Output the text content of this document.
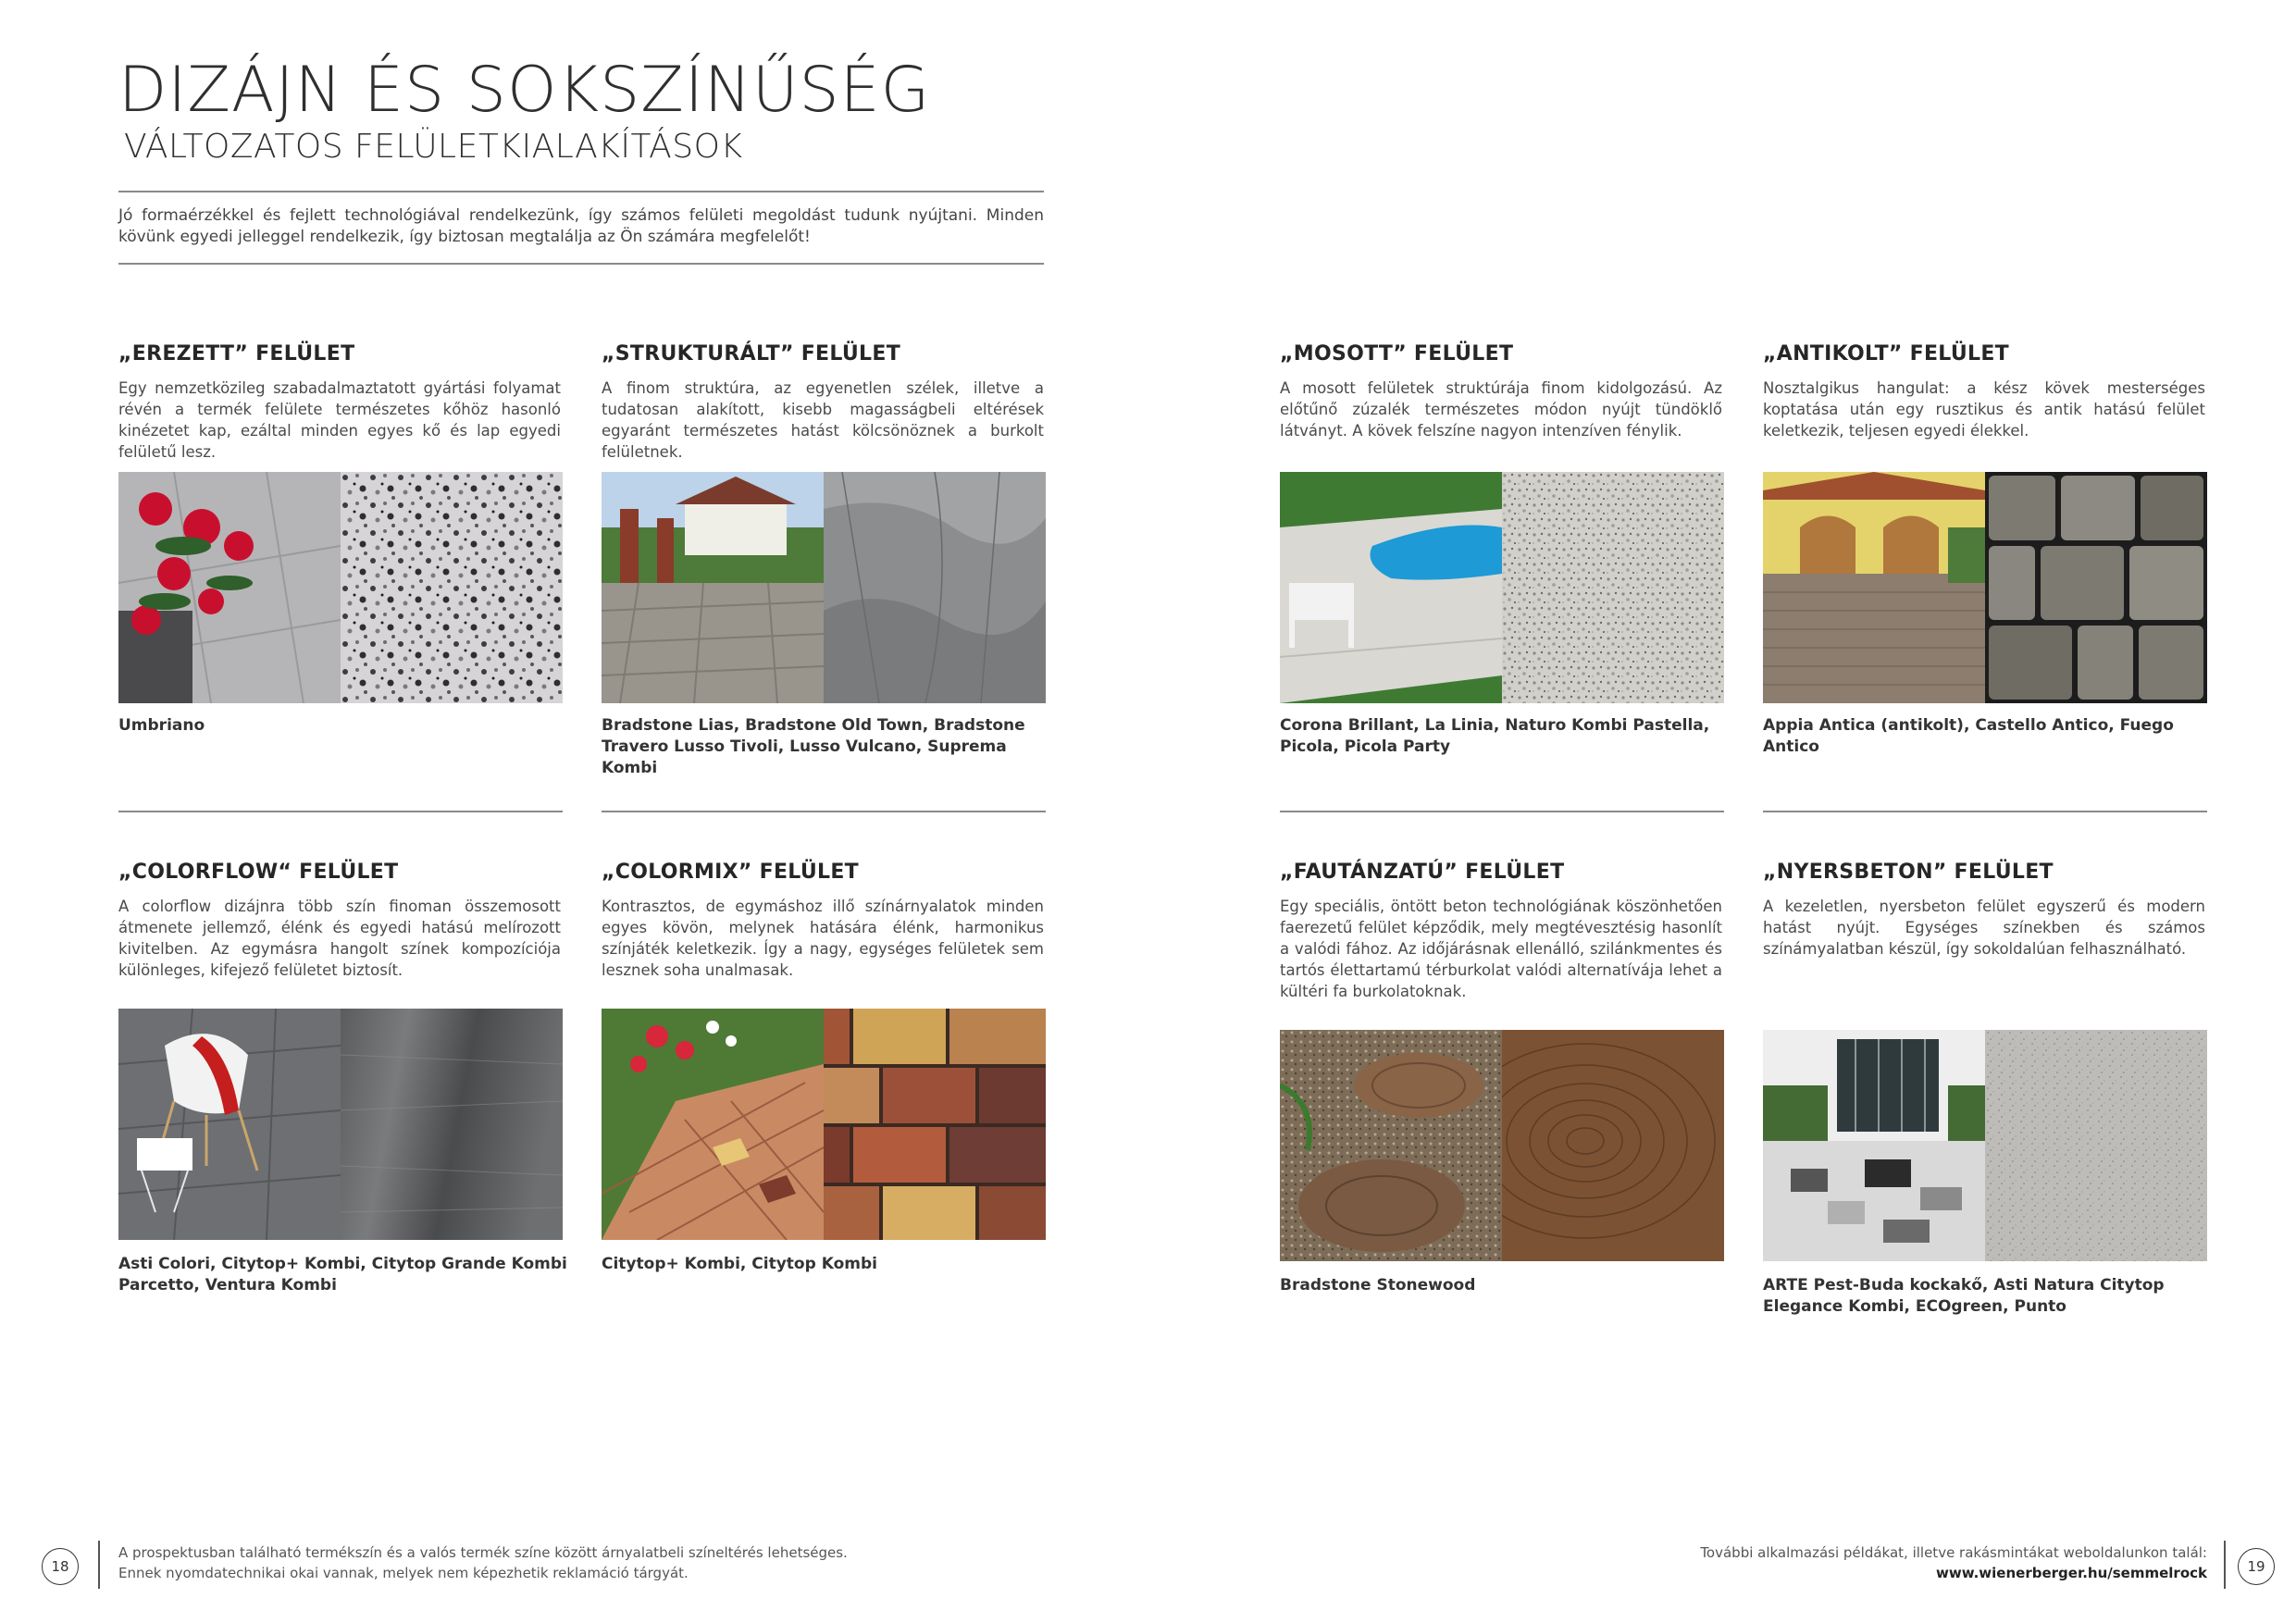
DIZÁJN ÉS SOKSZÍNŰSÉG
VÁLTOZATOS FELÜLETKIALAKÍTÁSOK
Jó formaérzékkel és fejlett technológiával rendelkezünk, így számos felületi megoldást tudunk nyújtani. Minden kövünk egyedi jelleggel rendelkezik, így biztosan megtalálja az Ön számára megfelelőt!
„EREZETT” FELÜLET
Egy nemzetközileg szabadalmaztatott gyártási folyamat révén a termék felülete természetes kőhöz hasonló kinézetet kap, ezáltal minden egyes kő és lap egyedi felületű lesz.
Umbriano
„STRUKTURÁLT” FELÜLET
A finom struktúra, az egyenetlen szélek, illetve a tudatosan alakított, kisebb magasságbeli eltérések egyaránt természetes hatást kölcsönöznek a burkolt felületnek.
Bradstone Lias, Bradstone Old Town, Bradstone Travero Lusso Tivoli, Lusso Vulcano, Suprema Kombi
„MOSOTT” FELÜLET
A mosott felületek struktúrája finom kidolgozású. Az előtűnő zúzalék természetes módon nyújt tündöklő látványt. A kövek felszíne nagyon intenzíven fénylik.
Corona Brillant, La Linia, Naturo Kombi Pastella, Picola, Picola Party
„ANTIKOLT” FELÜLET
Nosztalgikus hangulat: a kész kövek mesterséges koptatása után egy rusztikus és antik hatású felület keletkezik, teljesen egyedi élekkel.
Appia Antica (antikolt), Castello Antico, Fuego Antico
„COLORFLOW“ FELÜLET
A colorflow dizájnra több szín finoman összemosott átmenete jellemző, élénk és egyedi hatású melírozott kivitelben. Az egymásra hangolt színek kompozíciója különleges, kifejező felületet biztosít.
Asti Colori, Citytop+ Kombi, Citytop Grande Kombi Parcetto, Ventura Kombi
„COLORMIX” FELÜLET
Kontrasztos, de egymáshoz illő színárnyalatok minden egyes kövön, melynek hatására élénk, harmonikus színjáték keletkezik. Így a nagy, egységes felületek sem lesznek soha unalmasak.
Citytop+ Kombi, Citytop Kombi
„FAUTÁNZATÚ” FELÜLET
Egy speciális, öntött beton technológiának köszönhetően faerezetű felület képződik, mely megtévesztésig hasonlít a valódi fához. Az időjárásnak ellenálló, szilánkmentes és tartós élettartamú térburkolat valódi alternatívája lehet a kültéri fa burkolatoknak.
Bradstone Stonewood
„NYERSBETON” FELÜLET
A kezeletlen, nyersbeton felület egyszerű és modern hatást nyújt. Egységes színekben és számos színámyalatban készül, így sokoldalúan felhasználható.
ARTE Pest-Buda kockakő, Asti Natura Citytop Elegance Kombi, ECOgreen, Punto
18
A prospektusban található termékszín és a valós termék színe között árnyalatbeli színeltérés lehetséges.
Ennek nyomdatechnikai okai vannak, melyek nem képezhetik reklamáció tárgyát.
További alkalmazási példákat, illetve rakásmintákat weboldalunkon talál:
www.wienerberger.hu/semmelrock	19
